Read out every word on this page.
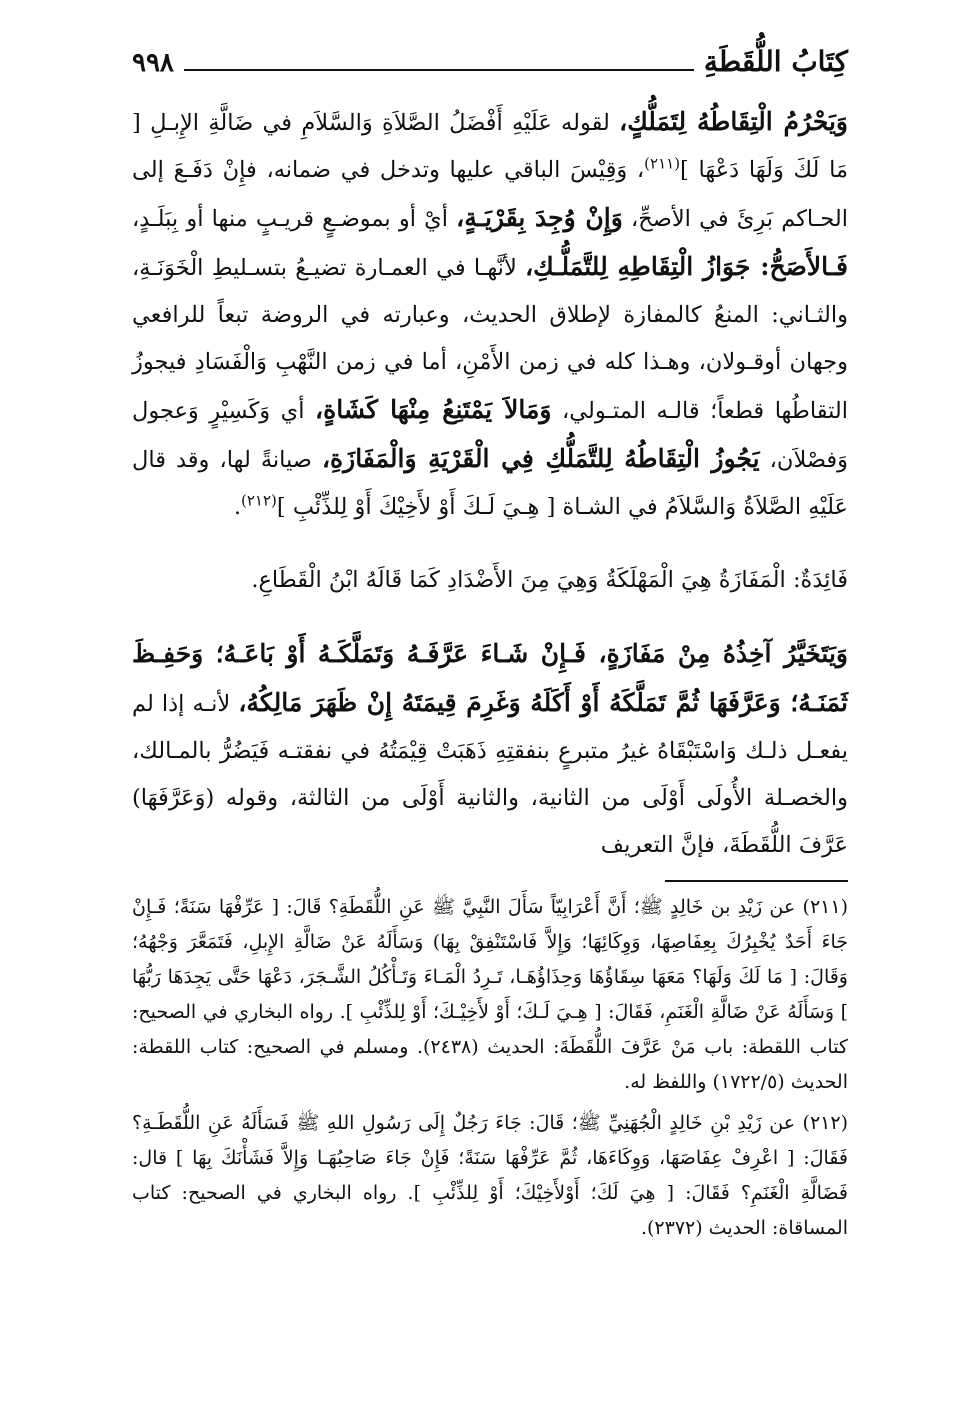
كِتَابُ اللُّقَطَةِ
٩٩٨

وَيَحْرُمُ الْتِقَاطُهُ لِتَمَلُّكٍ، لقوله عَلَيْهِ أَفْضَلُ الصَّلاَةِ وَالسَّلاَمِ في ضَالَّةِ الإِبـلِ [ مَا لَكَ وَلَهَا دَعْهَا ]$^{(٢١١)}$، وَقِيْسَ الباقي عليها وتدخل في ضمانه، فإِنْ دَفَـعَ إلى الحـاكم بَرِئَ في الأصحِّ، وَإِنْ وُجِدَ بِقَرْيَـةٍ، أيْ أو بموضـعٍ قريـبٍ منها أو بِبَلَـدٍ، فَـالأَصَحُّ: جَوَازُ الْتِقَاطِهِ لِلتَّمَلُّـكِ، لأنَّهـا في العمـارة تضيـعُ بتسـليطِ الْخَوَنَـةِ، والثـاني: المنعُ كالمفازة لإطلاق الحديث، وعبارته في الروضة تبعاً للرافعي وجهان أوقـولان، وهـذا كله في زمن الأَمْنِ، أما في زمن النَّهْبِ وَالْفَسَادِ فيجوزُ التقاطُها قطعاً؛ قالـه المتـولي، وَمَالاَ يَمْتَنِعُ مِنْهَا كَشَاةٍ، أي وَكَسِيْرٍ وَعجول وَفصْلاَن، يَجُوزُ الْتِقَاطُهُ لِلتَّمَلُّكِ فِي الْقَرْيَةِ وَالْمَفَازَةِ، صيانةً لها، وقد قال عَلَيْهِ الصَّلاَةُ وَالسَّلاَمُ في الشـاة [ هِـيَ لَـكَ أَوْ لأَخِيْكَ أَوْ لِلذِّئْبِ ]$^{(٢١٢)}$.

فَائِدَةٌ: الْمَفَازَةُ هِيَ الْمَهْلَكَةُ وَهِيَ مِنَ الأَضْدَادِ كَمَا قَالَهُ ابْنُ الْقَطَاعِ.

وَيَتَخَيَّرُ آخِذُهُ مِنْ مَفَازَةٍ، فَـإِنْ شَـاءَ عَرَّفَـهُ وَتَمَلَّكَـهُ أَوْ بَاعَـهُ؛ وَحَفِـظَ ثَمَنَـهُ؛ وَعَرَّفَهَا ثُمَّ تَمَلَّكَهُ أَوْ أَكَلَهُ وَغَرِمَ قِيمَتَهُ إِنْ ظَهَرَ مَالِكُهُ، لأنـه إذا لم يفعـل ذلـك وَاسْتَبْقَاهُ غيرُ متبرعٍ بنفقتِهِ ذَهَبَتْ قِيْمَتُهُ في نفقتـه فَيَضُرُّ بالمـالك، والخصـلة الأُولَى أَوْلَى من الثانية، والثانية أَوْلَى من الثالثة، وقوله (وَعَرَّفَهَا) عَرَّفَ اللُّقَطَةَ، فإنَّ التعريف

(٢١١) عن زَيْدِ بن خَالِدٍ ﷺ؛ أَنَّ أَعْرَابِيّاً سَأَلَ النَّبِيَّ ﷺ عَنِ اللُّقَطَةِ؟ قَالَ: [ عَرِّفْهَا سَنَةً؛ فَـإِنْ جَاءَ أَحَدٌ يُخْبِرُكَ بِعِفَاصِهَا، وَوِكَائِهَا؛ وَإِلاَّ فَاسْتَنْفِقْ بِهَا) وَسَأَلَهُ عَنْ ضَالَّةِ الإِبلِ، فَتَمَعَّرَ وَجْهُهُ؛ وَقَالَ: [ مَا لَكَ وَلَهَا؟ مَعَهَا سِقَاؤُهَا وَحِذَاؤُهَـا، تَـرِدُ الْمَـاءَ وَتَـأْكُلُ الشَّـجَرَ، دَعْهَا حَتَّى يَجِدَهَا رَبُّهَا ] وَسَأَلَهُ عَنْ ضَالَّةِ الْغَنَمِ، فَقَالَ: [ هِـيَ لَـكَ؛ أَوْ لأَخِيْـكَ؛ أَوْ لِلذِّئْبِ ]. رواه البخاري في الصحيح: كتاب اللقطة: باب مَنْ عَرَّفَ اللُّقَطَةَ: الحديث (٢٤٣٨). ومسلم في الصحيح: كتاب اللقطة: الحديث (١٧٢٢/٥) واللفظ له.

(٢١٢) عن زَيْدِ بْنِ خَالِدٍ الْجُهَنِيِّ ﷺ؛ قَالَ: جَاءَ رَجُلٌ إِلَى رَسُولِ اللهِ ﷺ فَسَأَلَهُ عَنِ اللُّقَطَـةِ؟ فَقَالَ: [ اعْرِفْ عِفَاصَهَا، وَوِكَاءَهَا، ثُمَّ عَرِّفْهَا سَنَةً؛ فَإِنْ جَاءَ صَاحِبُهَـا وَإِلاَّ فَشَأْنَكَ بِهَا ] قال: فَضَالَّةِ الْغَنَمِ؟ فَقَالَ: [ هِيَ لَكَ؛ أَوْلأَخِيْكَ؛ أَوْ لِلذِّئْبِ ]. رواه البخاري في الصحيح: كتاب المساقاة: الحديث (٢٣٧٢).
